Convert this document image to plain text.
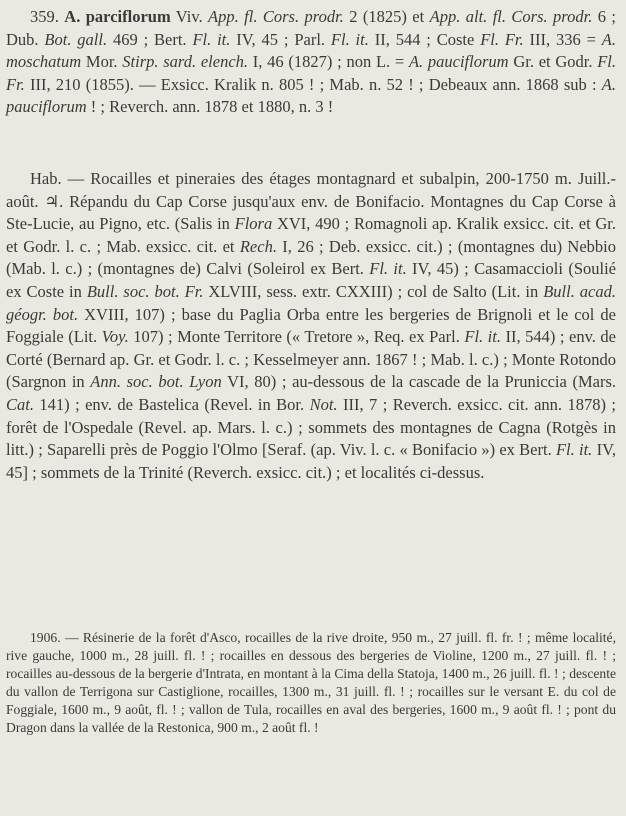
359. A. parciflorum Viv. App. fl. Cors. prodr. 2 (1825) et App. alt. fl. Cors. prodr. 6 ; Dub. Bot. gall. 469 ; Bert. Fl. it. IV, 45 ; Parl. Fl. it. II, 544 ; Coste Fl. Fr. III, 336 = A. moschatum Mor. Stirp. sard. elench. I, 46 (1827) ; non L. = A. pauciflorum Gr. et Godr. Fl. Fr. III, 210 (1855). — Exsicc. Kralik n. 805 ! ; Mab. n. 52 ! ; Debeaux ann. 1868 sub : A. pauciflorum ! ; Reverch. ann. 1878 et 1880, n. 3 !

Hab. — Rocailles et pineraies des étages montagnard et subalpin, 200-1750 m. Juill.-août. ♃. Répandu du Cap Corse jusqu'aux env. de Bonifacio. Montagnes du Cap Corse à Ste-Lucie, au Pigno, etc. (Salis in Flora XVI, 490 ; Romagnoli ap. Kralik exsicc. cit. et Gr. et Godr. l. c. ; Mab. exsicc. cit. et Rech. I, 26 ; Deb. exsicc. cit.) ; (montagnes du) Nebbio (Mab. l. c.) ; (montagnes de) Calvi (Soleirol ex Bert. Fl. it. IV, 45) ; Casamaccioli (Soulié ex Coste in Bull. soc. bot. Fr. XLVIII, sess. extr. CXXIII) ; col de Salto (Lit. in Bull. acad. géogr. bot. XVIII, 107) ; base du Paglia Orba entre les bergeries de Brignoli et le col de Foggiale (Lit. Voy. 107) ; Monte Territore (« Tretore », Req. ex Parl. Fl. it. II, 544) ; env. de Corté (Bernard ap. Gr. et Godr. l. c. ; Kesselmeyer ann. 1867 ! ; Mab. l. c.) ; Monte Rotondo (Sargnon in Ann. soc. bot. Lyon VI, 80) ; au-dessous de la cascade de la Pruniccia (Mars. Cat. 141) ; env. de Bastelica (Revel. in Bor. Not. III, 7 ; Reverch. exsicc. cit. ann. 1878) ; forêt de l'Ospedale (Revel. ap. Mars. l. c.) ; sommets des montagnes de Cagna (Rotgès in litt.) ; Saparelli près de Poggio l'Olmo [Seraf. (ap. Viv. l. c. « Bonifacio ») ex Bert. Fl. it. IV, 45] ; sommets de la Trinité (Reverch. exsicc. cit.) ; et localités ci-dessus.

1906. — Résinerie de la forêt d'Asco, rocailles de la rive droite, 950 m., 27 juill. fl. fr. ! ; même localité, rive gauche, 1000 m., 28 juill. fl. ! ; rocailles en dessous des bergeries de Violine, 1200 m., 27 juill. fl. ! ; rocailles au-dessous de la bergerie d'Intrata, en montant à la Cima della Statoja, 1400 m., 26 juill. fl. ! ; descente du vallon de Terrigona sur Castiglione, rocailles, 1300 m., 31 juill. fl. ! ; rocailles sur le versant E. du col de Foggiale, 1600 m., 9 août, fl. ! ; vallon de Tula, rocailles en aval des bergeries, 1600 m., 9 août fl. ! ; pont du Dragon dans la vallée de la Restonica, 900 m., 2 août fl. !
